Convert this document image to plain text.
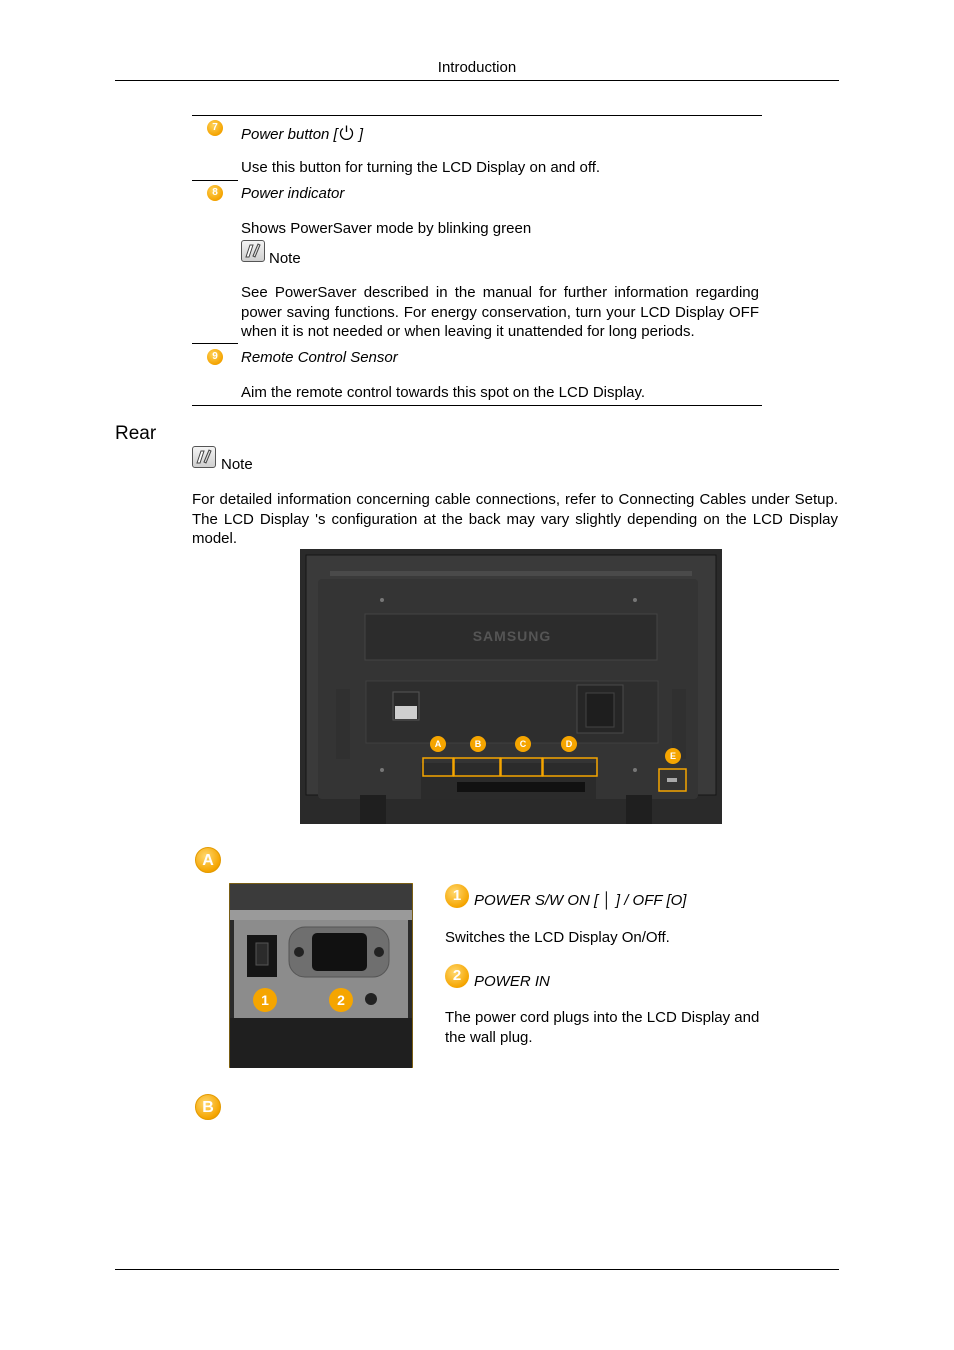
Introduction
7	Power button [ ]
Use this button for turning the LCD Display on and off.
8	Power indicator
Shows PowerSaver mode by blinking green
Note
See PowerSaver described in the manual for further information regarding power saving functions. For energy conservation, turn your LCD Display OFF when it is not needed or when leaving it unattended for long periods.
9	Remote Control Sensor
Aim the remote control towards this spot on the LCD Display.
Rear
Note
For detailed information concerning cable connections, refer to Connecting Cables under Setup. The LCD Display 's configuration at the back may vary slightly depending on the LCD Display model.
SAMSUNG
A	B	C	D
E
A
1	2
1 POWER S/W ON [ │ ] / OFF [O]
Switches the LCD Display On/Off.
2 POWER IN
The power cord plugs into the LCD Display and the wall plug.
B
